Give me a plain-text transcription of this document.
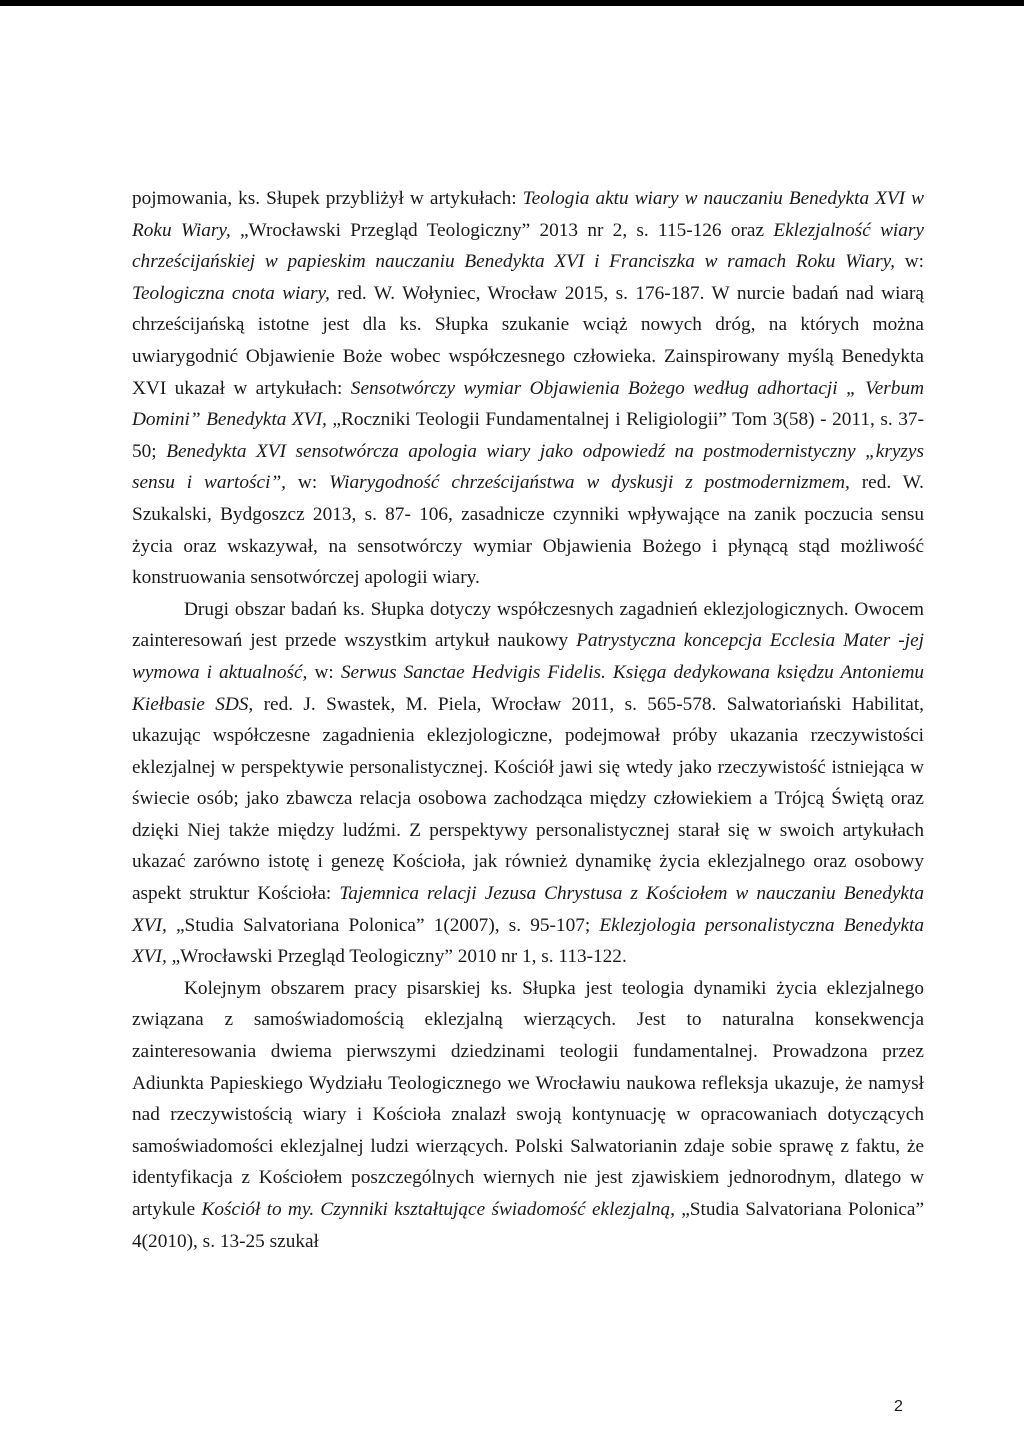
pojmowania, ks. Słupek przybliżył w artykułach: Teologia aktu wiary w nauczaniu Benedykta XVI w Roku Wiary, „Wrocławski Przegląd Teologiczny” 2013 nr 2, s. 115-126 oraz Eklezjalność wiary chrześcijańskiej w papieskim nauczaniu Benedykta XVI i Franciszka w ramach Roku Wiary, w: Teologiczna cnota wiary, red. W. Wołyniec, Wrocław 2015, s. 176-187. W nurcie badań nad wiarą chrześcijańską istotne jest dla ks. Słupka szukanie wciąż nowych dróg, na których można uwiarygodnić Objawienie Boże wobec współczesnego człowieka. Zainspirowany myślą Benedykta XVI ukazał w artykułach: Sensotwórczy wymiar Objawienia Bożego według adhortacji „ Verbum Domini” Benedykta XVI, „Roczniki Teologii Fundamentalnej i Religiologii” Tom 3(58) - 2011, s. 37-50; Benedykta XVI sensotwórcza apologia wiary jako odpowiedź na postmodernistyczny „kryzys sensu i wartości”, w: Wiarygodność chrześcijaństwa w dyskusji z postmodernizmem, red. W. Szukalski, Bydgoszcz 2013, s. 87- 106, zasadnicze czynniki wpływające na zanik poczucia sensu życia oraz wskazywał, na sensotwórczy wymiar Objawienia Bożego i płynącą stąd możliwość konstruowania sensotwórczej apologii wiary.

Drugi obszar badań ks. Słupka dotyczy współczesnych zagadnień eklezjologicznych. Owocem zainteresowań jest przede wszystkim artykuł naukowy Patrystyczna koncepcja Ecclesia Mater -jej wymowa i aktualność, w: Serwus Sanctae Hedvigis Fidelis. Księga dedykowana księdzu Antoniemu Kiełbasie SDS, red. J. Swastek, M. Piela, Wrocław 2011, s. 565-578. Salwatoriański Habilitat, ukazując współczesne zagadnienia eklezjologiczne, podejmował próby ukazania rzeczywistości eklezjalnej w perspektywie personalistycznej. Kościół jawi się wtedy jako rzeczywistość istniejąca w świecie osób; jako zbawcza relacja osobowa zachodząca między człowiekiem a Trójcą Świętą oraz dzięki Niej także między ludźmi. Z perspektywy personalistycznej starał się w swoich artykułach ukazać zarówno istotę i genezę Kościoła, jak również dynamikę życia eklezjalnego oraz osobowy aspekt struktur Kościoła: Tajemnica relacji Jezusa Chrystusa z Kościołem w nauczaniu Benedykta XVI, „Studia Salvatoriana Polonica” 1(2007), s. 95-107; Eklezjologia personalistyczna Benedykta XVI, „Wrocławski Przegląd Teologiczny” 2010 nr 1, s. 113-122.

Kolejnym obszarem pracy pisarskiej ks. Słupka jest teologia dynamiki życia eklezjalnego związana z samoświadomością eklezjalną wierzących. Jest to naturalna konsekwencja zainteresowania dwiema pierwszymi dziedzinami teologii fundamentalnej. Prowadzona przez Adiunkta Papieskiego Wydziału Teologicznego we Wrocławiu naukowa refleksja ukazuje, że namysł nad rzeczywistością wiary i Kościoła znalazł swoją kontynuację w opracowaniach dotyczących samoświadomości eklezjalnej ludzi wierzących. Polski Salwatorianin zdaje sobie sprawę z faktu, że identyfikacja z Kościołem poszczególnych wiernych nie jest zjawiskiem jednorodnym, dlatego w artykule Kościół to my. Czynniki kształtujące świadomość eklezjalną, „Studia Salvatoriana Polonica” 4(2010), s. 13-25 szukał

2
